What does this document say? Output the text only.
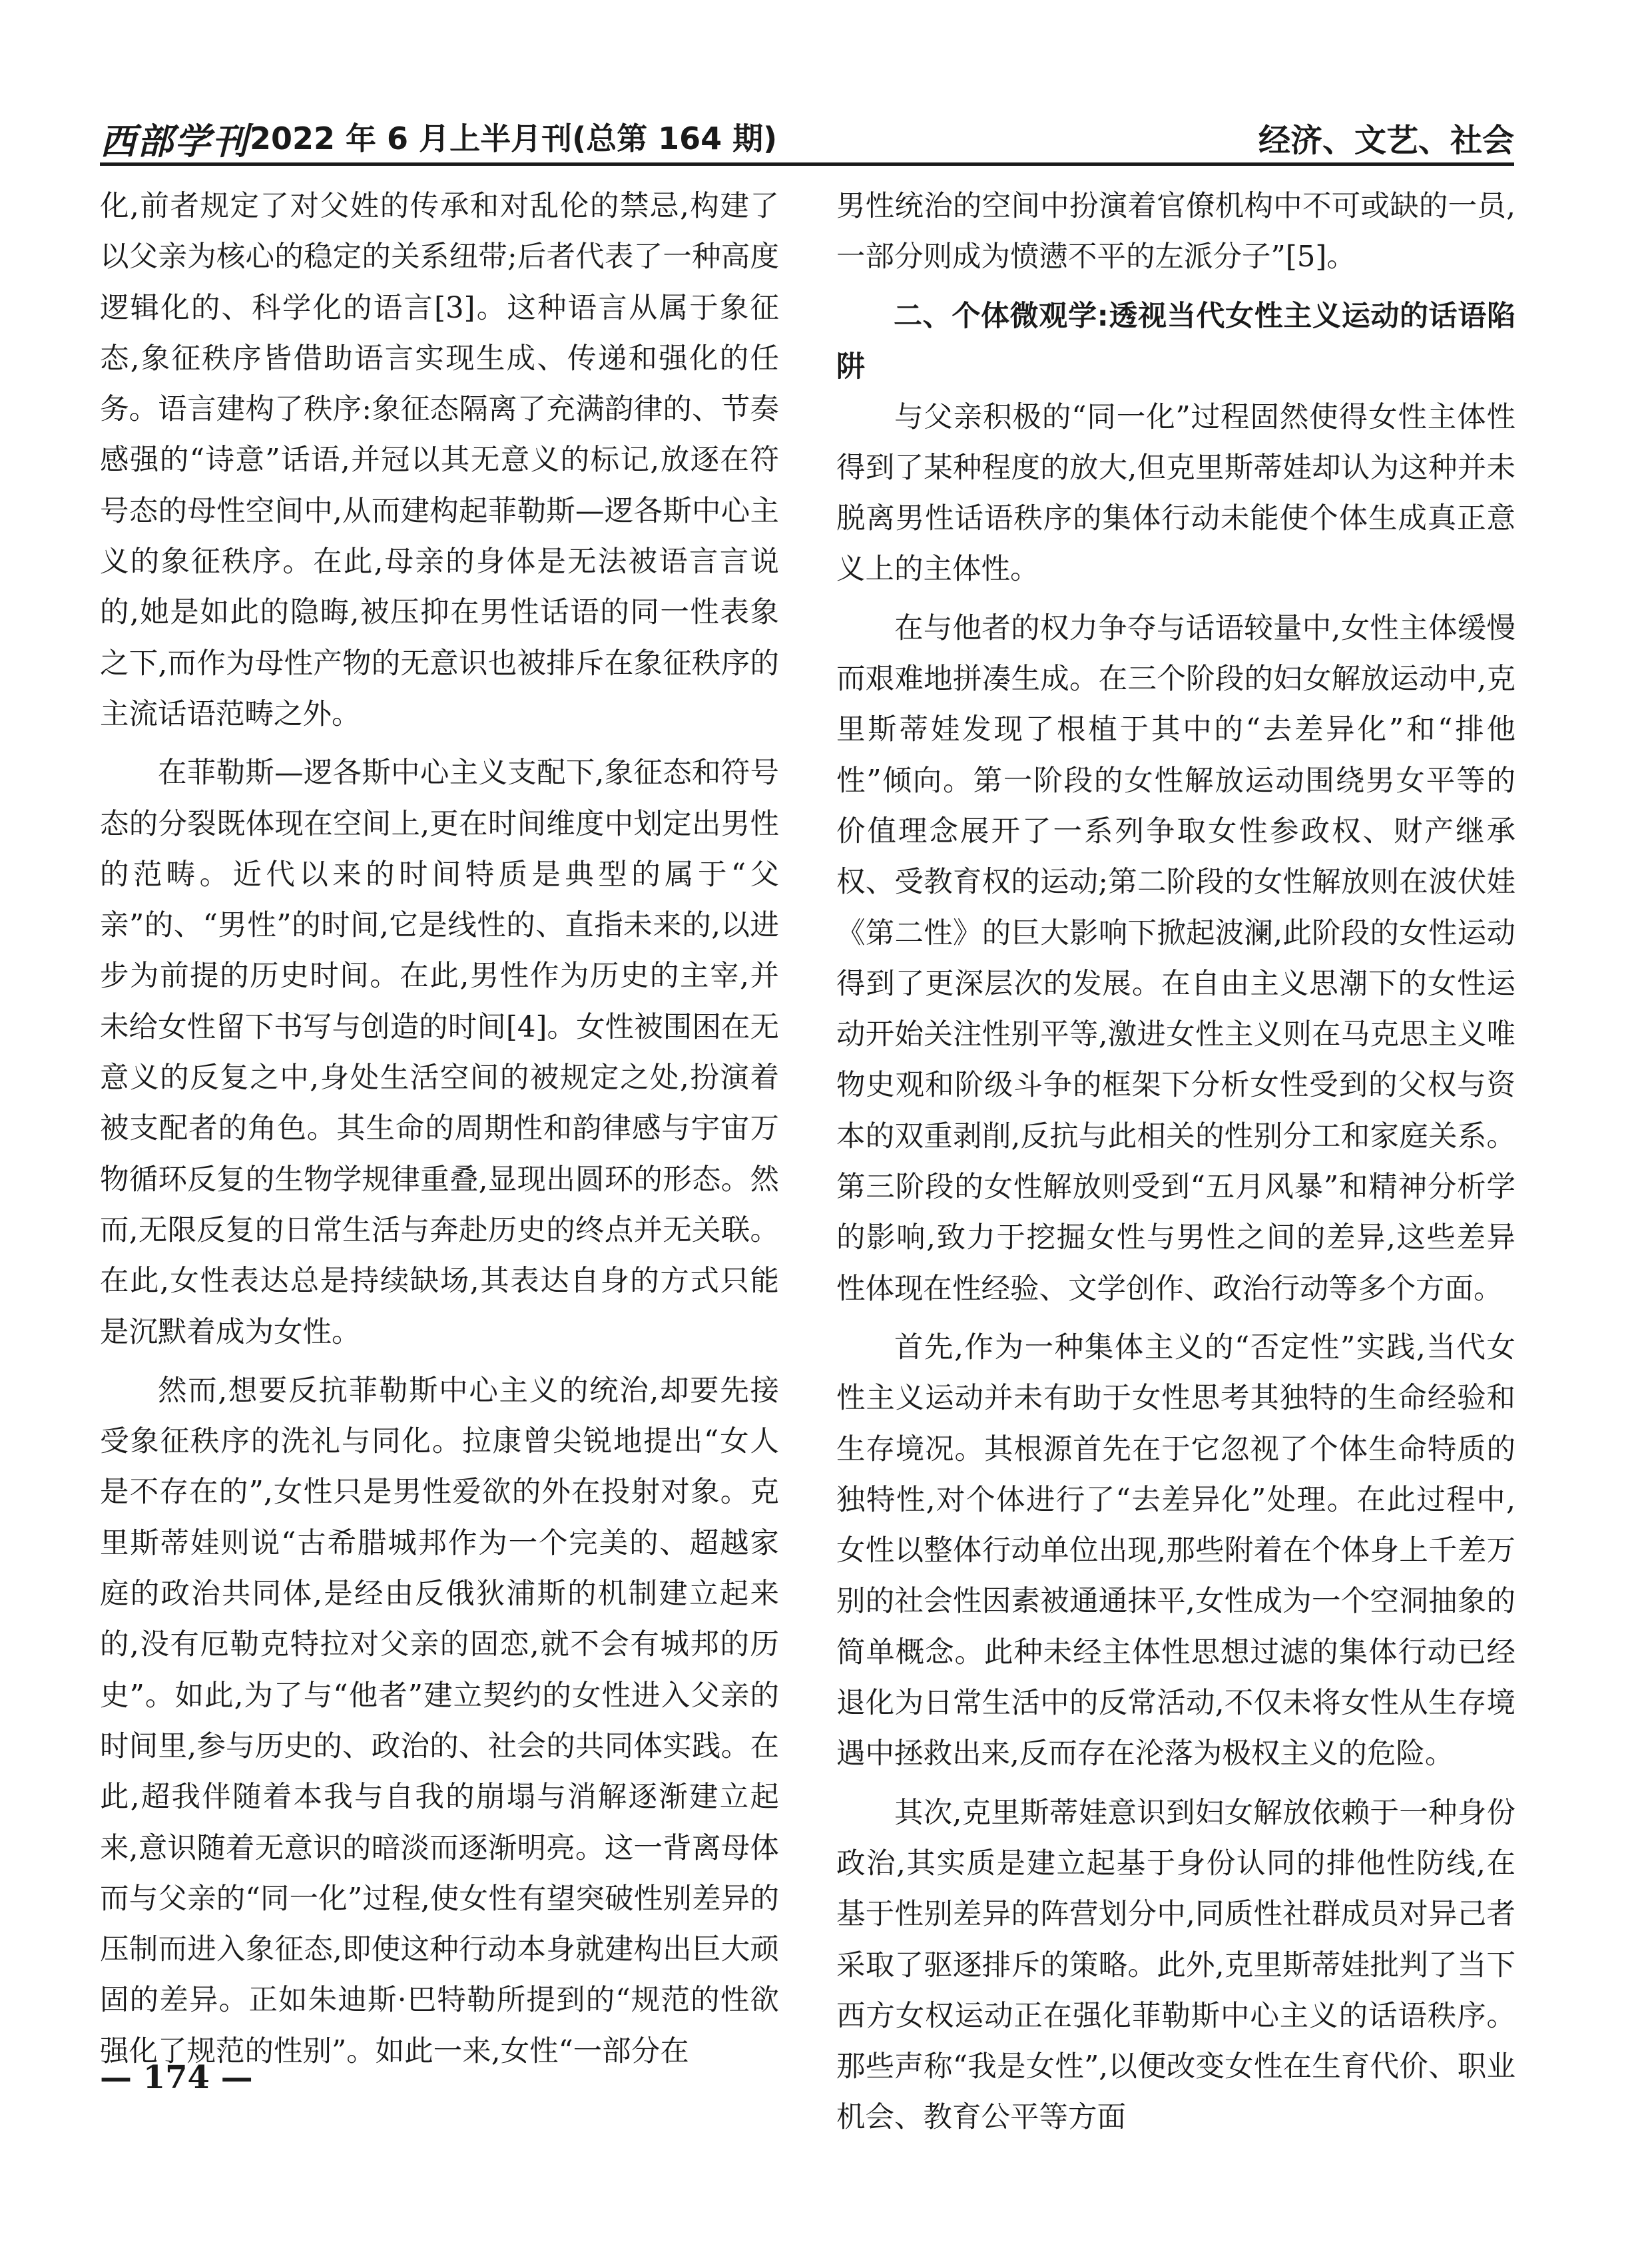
西部学刊 2022 年 6 月上半月刊(总第 164 期)	经济、文艺、社会

化,前者规定了对父姓的传承和对乱伦的禁忌,构建了以父亲为核心的稳定的关系纽带;后者代表了一种高度逻辑化的、科学化的语言[3]。这种语言从属于象征态,象征秩序皆借助语言实现生成、传递和强化的任务。语言建构了秩序:象征态隔离了充满韵律的、节奏感强的“诗意”话语,并冠以其无意义的标记,放逐在符号态的母性空间中,从而建构起菲勒斯—逻各斯中心主义的象征秩序。在此,母亲的身体是无法被语言言说的,她是如此的隐晦,被压抑在男性话语的同一性表象之下,而作为母性产物的无意识也被排斥在象征秩序的主流话语范畴之外。

在菲勒斯—逻各斯中心主义支配下,象征态和符号态的分裂既体现在空间上,更在时间维度中划定出男性的范畴。近代以来的时间特质是典型的属于“父亲”的、“男性”的时间,它是线性的、直指未来的,以进步为前提的历史时间。在此,男性作为历史的主宰,并未给女性留下书写与创造的时间[4]。女性被围困在无意义的反复之中,身处生活空间的被规定之处,扮演着被支配者的角色。其生命的周期性和韵律感与宇宙万物循环反复的生物学规律重叠,显现出圆环的形态。然而,无限反复的日常生活与奔赴历史的终点并无关联。在此,女性表达总是持续缺场,其表达自身的方式只能是沉默着成为女性。

然而,想要反抗菲勒斯中心主义的统治,却要先接受象征秩序的洗礼与同化。拉康曾尖锐地提出“女人是不存在的”,女性只是男性爱欲的外在投射对象。克里斯蒂娃则说“古希腊城邦作为一个完美的、超越家庭的政治共同体,是经由反俄狄浦斯的机制建立起来的,没有厄勒克特拉对父亲的固恋,就不会有城邦的历史”。如此,为了与“他者”建立契约的女性进入父亲的时间里,参与历史的、政治的、社会的共同体实践。在此,超我伴随着本我与自我的崩塌与消解逐渐建立起来,意识随着无意识的暗淡而逐渐明亮。这一背离母体而与父亲的“同一化”过程,使女性有望突破性别差异的压制而进入象征态,即使这种行动本身就建构出巨大顽固的差异。正如朱迪斯·巴特勒所提到的“规范的性欲强化了规范的性别”。如此一来,女性“一部分在

男性统治的空间中扮演着官僚机构中不可或缺的一员,一部分则成为愤懑不平的左派分子”[5]。

二、个体微观学:透视当代女性主义运动的话语陷阱

与父亲积极的“同一化”过程固然使得女性主体性得到了某种程度的放大,但克里斯蒂娃却认为这种并未脱离男性话语秩序的集体行动未能使个体生成真正意义上的主体性。

在与他者的权力争夺与话语较量中,女性主体缓慢而艰难地拼凑生成。在三个阶段的妇女解放运动中,克里斯蒂娃发现了根植于其中的“去差异化”和“排他性”倾向。第一阶段的女性解放运动围绕男女平等的价值理念展开了一系列争取女性参政权、财产继承权、受教育权的运动;第二阶段的女性解放则在波伏娃《第二性》的巨大影响下掀起波澜,此阶段的女性运动得到了更深层次的发展。在自由主义思潮下的女性运动开始关注性别平等,激进女性主义则在马克思主义唯物史观和阶级斗争的框架下分析女性受到的父权与资本的双重剥削,反抗与此相关的性别分工和家庭关系。第三阶段的女性解放则受到“五月风暴”和精神分析学的影响,致力于挖掘女性与男性之间的差异,这些差异性体现在性经验、文学创作、政治行动等多个方面。

首先,作为一种集体主义的“否定性”实践,当代女性主义运动并未有助于女性思考其独特的生命经验和生存境况。其根源首先在于它忽视了个体生命特质的独特性,对个体进行了“去差异化”处理。在此过程中,女性以整体行动单位出现,那些附着在个体身上千差万别的社会性因素被通通抹平,女性成为一个空洞抽象的简单概念。此种未经主体性思想过滤的集体行动已经退化为日常生活中的反常活动,不仅未将女性从生存境遇中拯救出来,反而存在沦落为极权主义的危险。

其次,克里斯蒂娃意识到妇女解放依赖于一种身份政治,其实质是建立起基于身份认同的排他性防线,在基于性别差异的阵营划分中,同质性社群成员对异己者采取了驱逐排斥的策略。此外,克里斯蒂娃批判了当下西方女权运动正在强化菲勒斯中心主义的话语秩序。那些声称“我是女性”,以便改变女性在生育代价、职业机会、教育公平等方面

— 174 —
